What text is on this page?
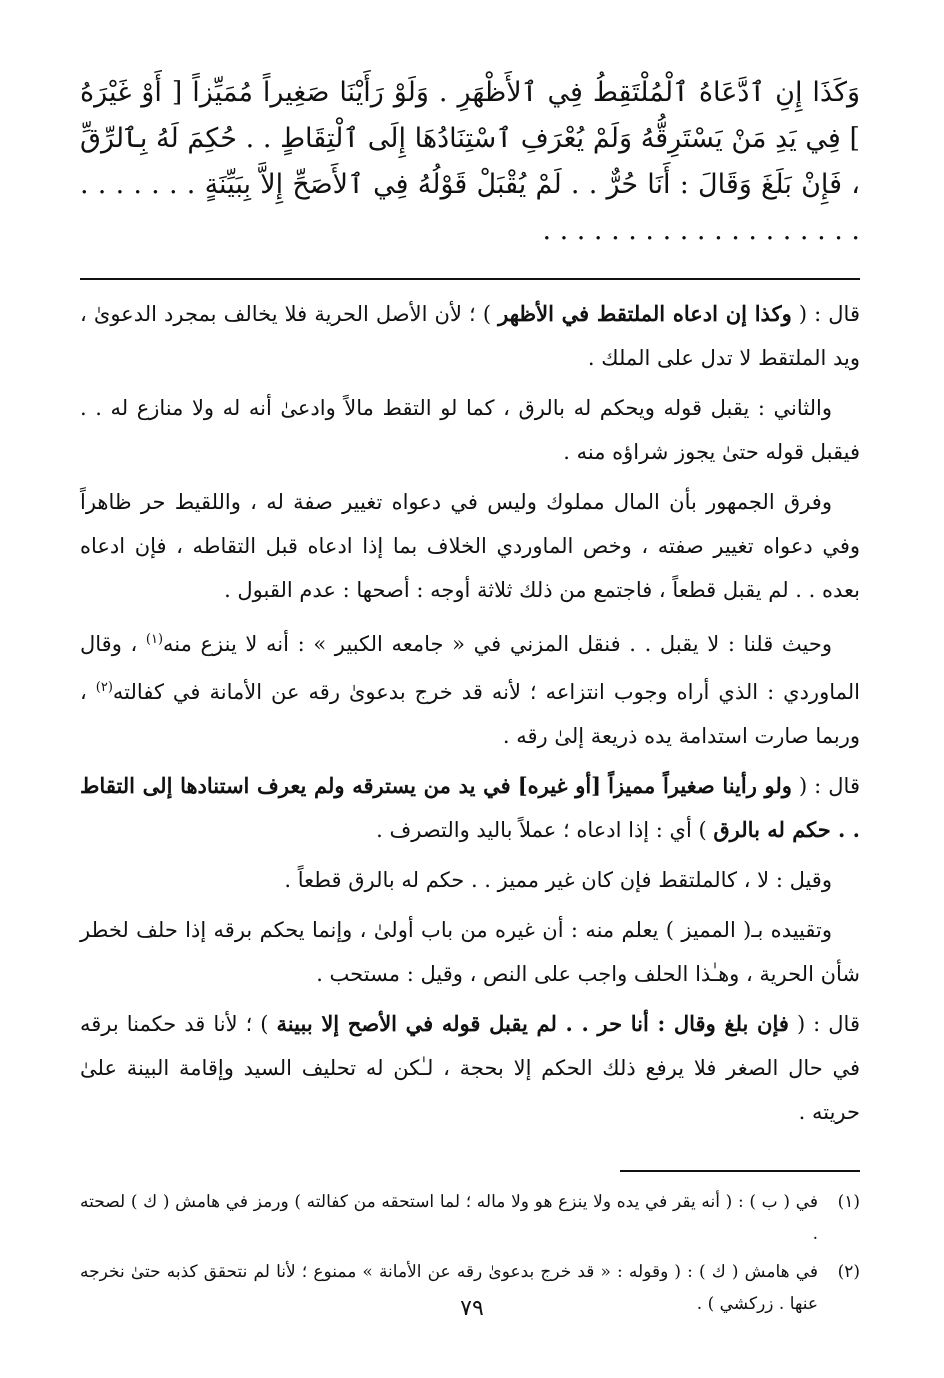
وَكَذَا إِنِ ٱدَّعَاهُ ٱلْمُلْتَقِطُ فِي ٱلأَظْهَرِ . وَلَوْ رَأَيْنَا صَغِيراً مُمَيِّزاً [ أَوْ غَيْرَهُ ] فِي يَدِ مَنْ يَسْتَرِقُّهُ وَلَمْ يُعْرَفِ ٱسْتِنَادُهَا إِلَى ٱلْتِقَاطٍ . . حُكِمَ لَهُ بِٱلرِّقِّ ، فَإِنْ بَلَغَ وَقَالَ : أَنَا حُرٌّ . . لَمْ يُقْبَلْ قَوْلُهُ فِي ٱلأَصَحِّ إِلاَّ بِبَيِّنَةٍ . . . . . . . . . . . . . . . . . . . . . . . . . .

قال : ( وكذا إن ادعاه الملتقط في الأظهر ) ؛ لأن الأصل الحرية فلا يخالف بمجرد الدعوىٰ ، ويد الملتقط لا تدل على الملك .

والثاني : يقبل قوله ويحكم له بالرق ، كما لو التقط مالاً وادعىٰ أنه له ولا منازع له . . فيقبل قوله حتىٰ يجوز شراؤه منه .

وفرق الجمهور بأن المال مملوك وليس في دعواه تغيير صفة له ، واللقيط حر ظاهراً وفي دعواه تغيير صفته ، وخص الماوردي الخلاف بما إذا ادعاه قبل التقاطه ، فإن ادعاه بعده . . لم يقبل قطعاً ، فاجتمع من ذلك ثلاثة أوجه : أصحها : عدم القبول .

وحيث قلنا : لا يقبل . . فنقل المزني في « جامعه الكبير » : أنه لا ينزع منه$^{(١)}$ ، وقال الماوردي : الذي أراه وجوب انتزاعه ؛ لأنه قد خرج بدعوىٰ رقه عن الأمانة في كفالته$^{(٢)}$ ، وربما صارت استدامة يده ذريعة إلىٰ رقه .

قال : ( ولو رأينا صغيراً مميزاً [أو غيره] في يد من يسترقه ولم يعرف استنادها إلى التقاط . . حكم له بالرق ) أي : إذا ادعاه ؛ عملاً باليد والتصرف .

وقيل : لا ، كالملتقط فإن كان غير مميز . . حكم له بالرق قطعاً .

وتقييده بـ( المميز ) يعلم منه : أن غيره من باب أولىٰ ، وإنما يحكم برقه إذا حلف لخطر شأن الحرية ، وهـٰذا الحلف واجب على النص ، وقيل : مستحب .

قال : ( فإن بلغ وقال : أنا حر . . لم يقبل قوله في الأصح إلا ببينة ) ؛ لأنا قد حكمنا برقه في حال الصغر فلا يرفع ذلك الحكم إلا بحجة ، لـٰكن له تحليف السيد وإقامة البينة علىٰ حريته .

(١)
في ( ب ) : ( أنه يقر في يده ولا ينزع هو ولا ماله ؛ لما استحقه من كفالته ) ورمز في هامش ( ك ) لصحته .
(٢)
في هامش ( ك ) : ( وقوله : « قد خرج بدعوىٰ رقه عن الأمانة » ممنوع ؛ لأنا لم نتحقق كذبه حتىٰ نخرجه عنها . زركشي ) .
٧٩
